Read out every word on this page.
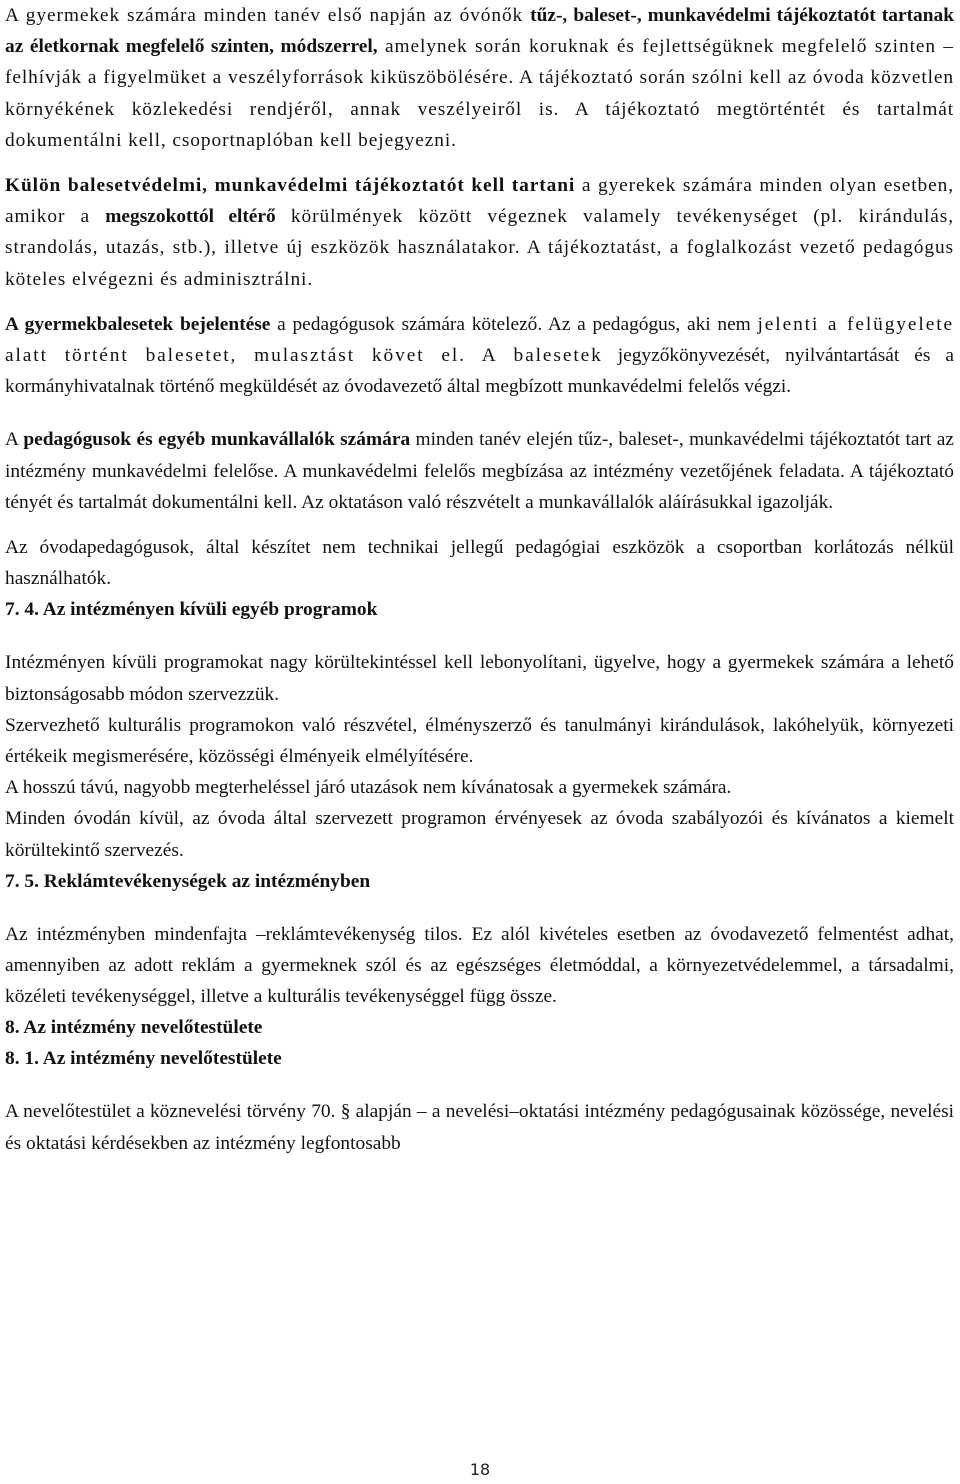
A gyermekek számára minden tanév első napján az óvónők tűz-, baleset-, munkavédelmi tájékoztatót tartanak az életkornak megfelelő szinten, módszerrel, amelynek során koruknak és fejlettségüknek megfelelő szinten – felhívják a figyelmüket a veszélyforrások kiküszöbölésére. A tájékoztató során szólni kell az óvoda közvetlen környékének közlekedési rendjéről, annak veszélyeiről is. A tájékoztató megtörténtét és tartalmát dokumentálni kell, csoportnaplóban kell bejegyezni.

Külön balesetvédelmi, munkavédelmi tájékoztatót kell tartani a gyerekek számára minden olyan esetben, amikor a megszokottól eltérő körülmények között végeznek valamely tevékenységet (pl. kirándulás, strandolás, utazás, stb.), illetve új eszközök használatakor. A tájékoztatást, a foglalkozást vezető pedagógus köteles elvégezni és adminisztrálni.

A gyermekbalesetek bejelentése a pedagógusok számára kötelező. Az a pedagógus, aki nem jelenti a felügyelete alatt történt balesetet, mulasztást követ el. A balesetek jegyzőkönyvezését, nyilvántartását és a kormányhivatalnak történő megküldését az óvodavezető által megbízott munkavédelmi felelős végzi.

A pedagógusok és egyéb munkavállalók számára minden tanév elején tűz-, baleset-, munkavédelmi tájékoztatót tart az intézmény munkavédelmi felelőse. A munkavédelmi felelős megbízása az intézmény vezetőjének feladata. A tájékoztató tényét és tartalmát dokumentálni kell. Az oktatáson való részvételt a munkavállalók aláírásukkal igazolják.

Az óvodapedagógusok, által készítet nem technikai jellegű pedagógiai eszközök a csoportban korlátozás nélkül használhatók.

7. 4. Az intézményen kívüli egyéb programok

Intézményen kívüli programokat nagy körültekintéssel kell lebonyolítani, ügyelve, hogy a gyermekek számára a lehető biztonságosabb módon szervezzük.

Szervezhető kulturális programokon való részvétel, élményszerző és tanulmányi kirándulások, lakóhelyük, környezeti értékeik megismerésére, közösségi élményeik elmélyítésére.

A hosszú távú, nagyobb megterheléssel járó utazások nem kívánatosak a gyermekek számára.

Minden óvodán kívül, az óvoda által szervezett programon érvényesek az óvoda szabályozói és kívánatos a kiemelt körültekintő szervezés.

7. 5. Reklámtevékenységek az intézményben

Az intézményben mindenfajta –reklámtevékenység tilos. Ez alól kivételes esetben az óvodavezető felmentést adhat, amennyiben az adott reklám a gyermeknek szól és az egészséges életmóddal, a környezetvédelemmel, a társadalmi, közéleti tevékenységgel, illetve a kulturális tevékenységgel függ össze.

8. Az intézmény nevelőtestülete

8. 1. Az intézmény nevelőtestülete

A nevelőtestület a köznevelési törvény 70. § alapján – a nevelési–oktatási intézmény pedagógusainak közössége, nevelési és oktatási kérdésekben az intézmény legfontosabb

18
